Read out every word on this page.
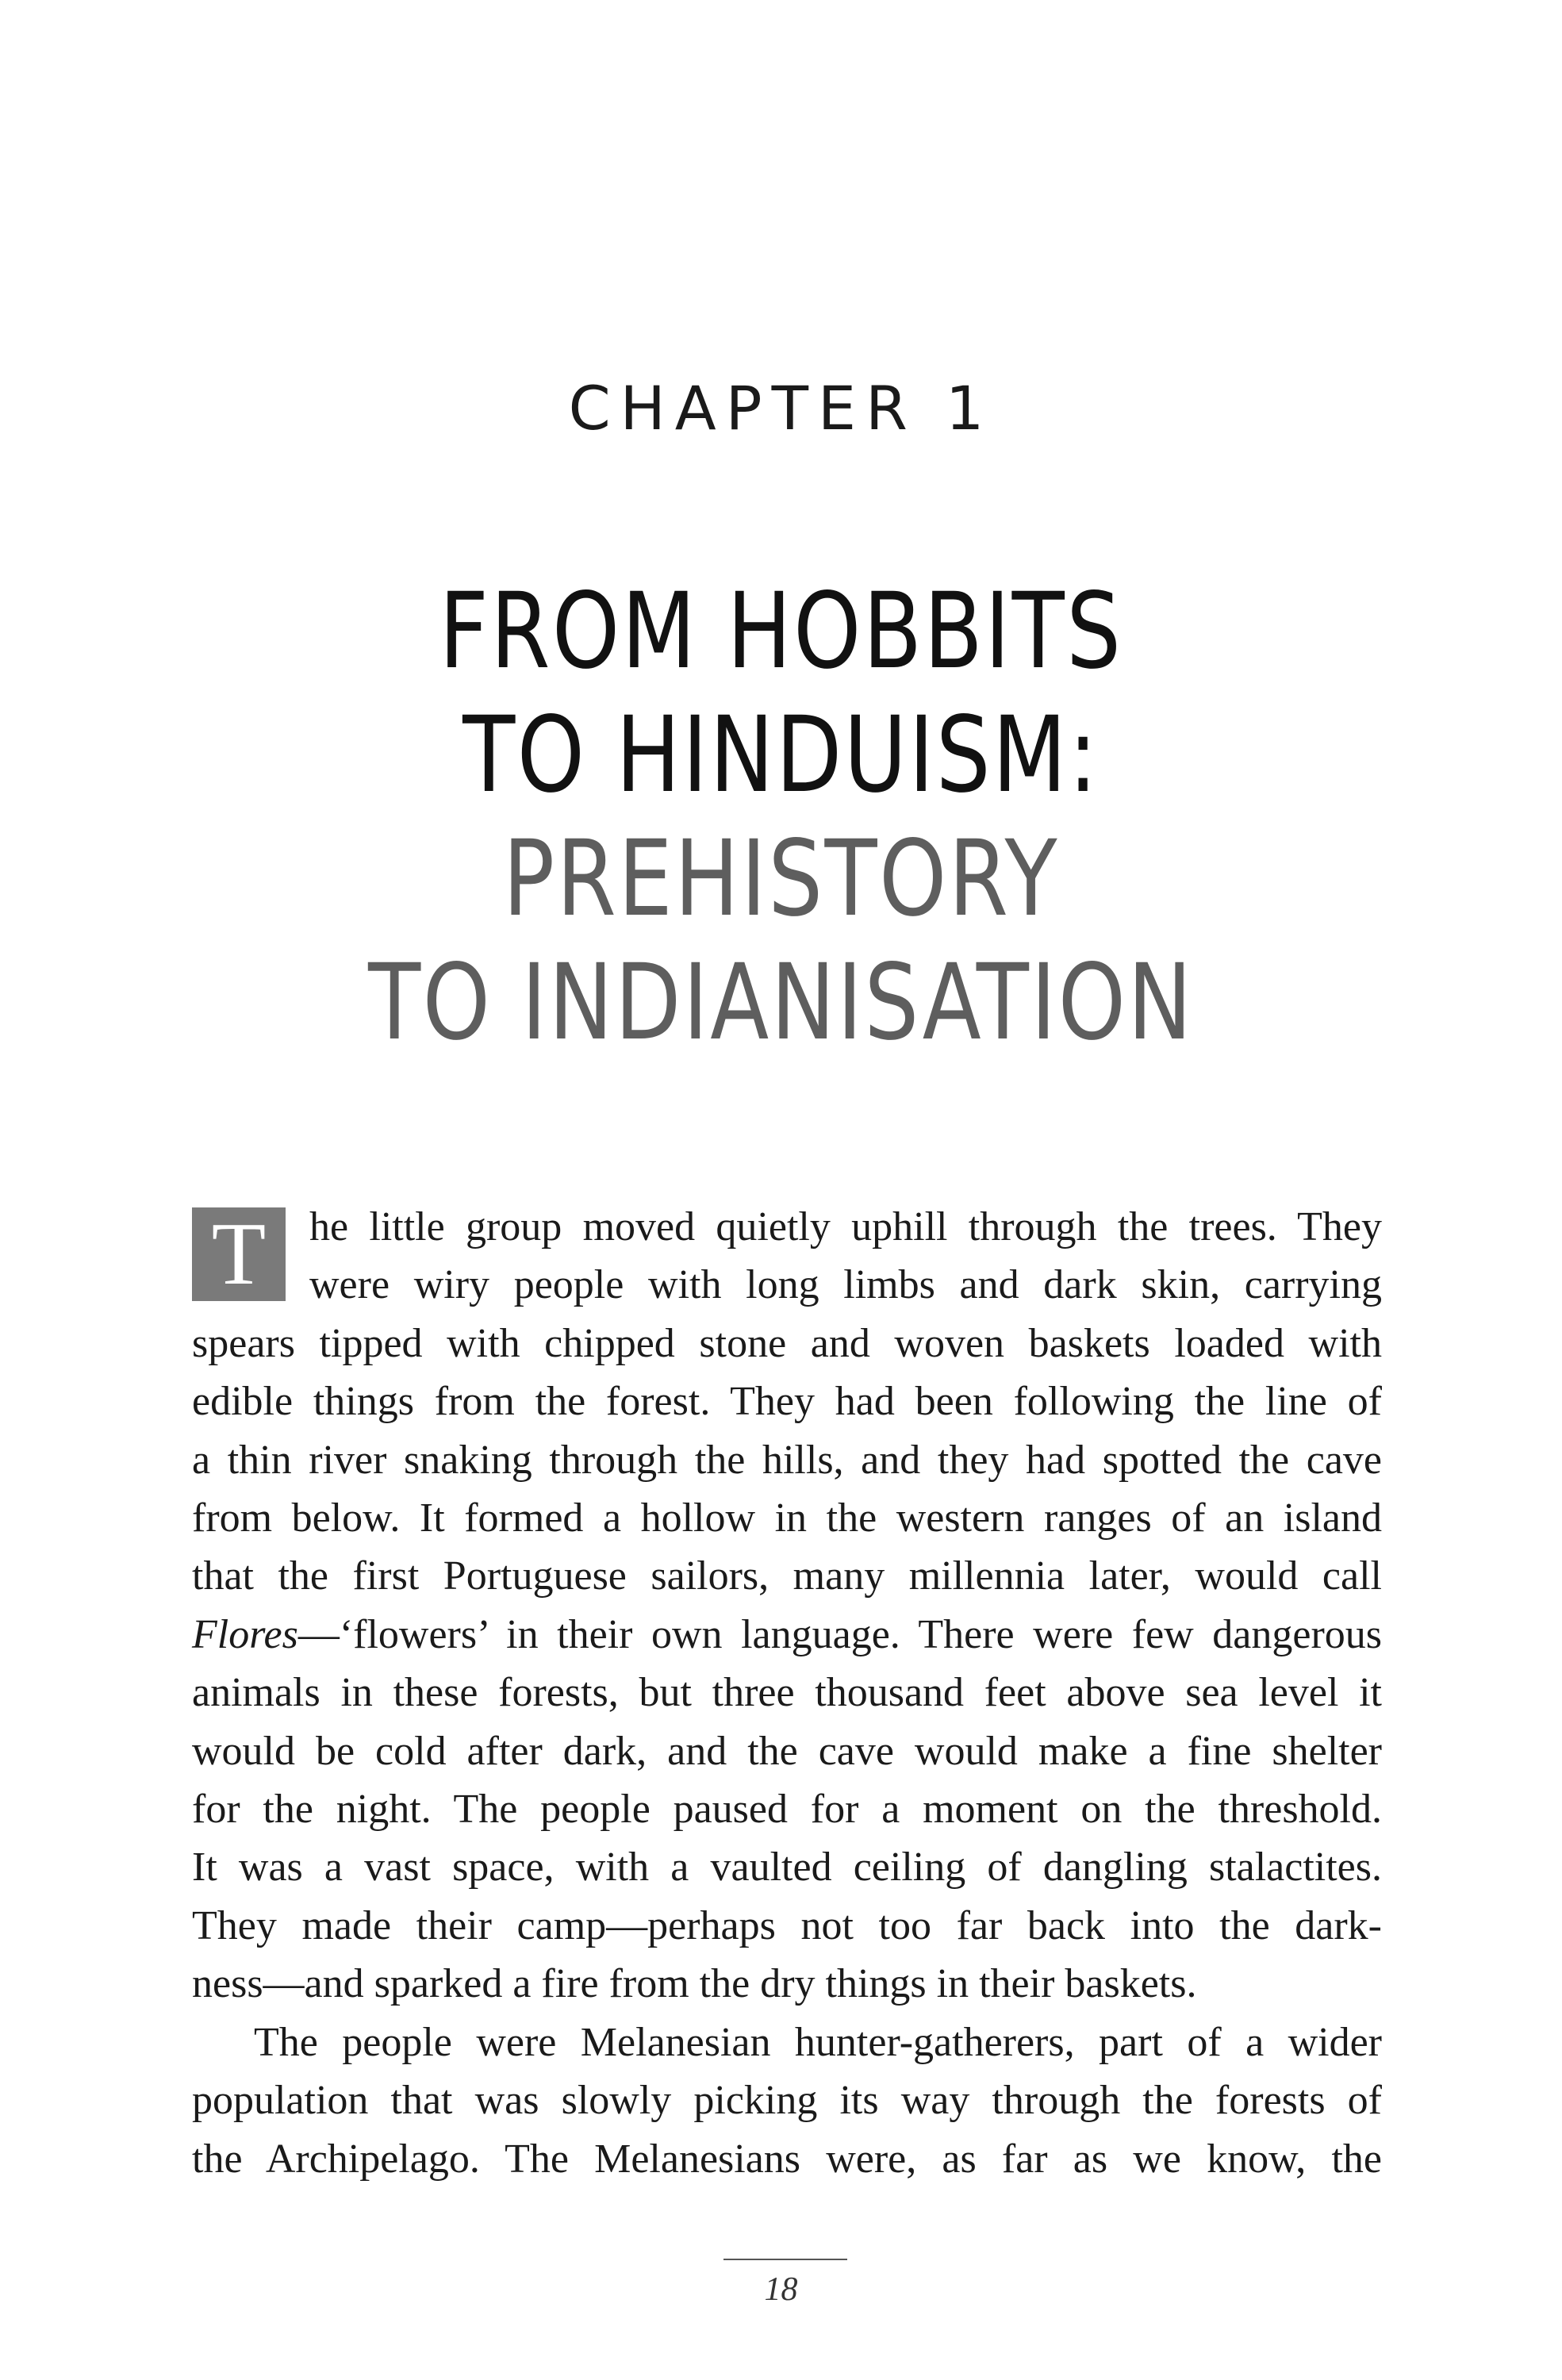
CHAPTER 1
FROM HOBBITS
TO HINDUISM:
PREHISTORY
TO INDIANISATION
T	he little group moved quietly uphill through the trees. They
were wiry people with long limbs and dark skin, carrying
spears tipped with chipped stone and woven baskets loaded with
edible things from the forest. They had been following the line of
a thin river snaking through the hills, and they had spotted the cave
from below. It formed a hollow in the western ranges of an island
that the first Portuguese sailors, many millennia later, would call
Flores—‘flowers’ in their own language. There were few dangerous
animals in these forests, but three thousand feet above sea level it
would be cold after dark, and the cave would make a fine shelter
for the night. The people paused for a moment on the threshold.
It was a vast space, with a vaulted ceiling of dangling stalactites.
They made their camp—perhaps not too far back into the dark-
ness—and sparked a fire from the dry things in their baskets.
The people were Melanesian hunter-gatherers, part of a wider
population that was slowly picking its way through the forests of
the Archipelago. The Melanesians were, as far as we know, the
18
